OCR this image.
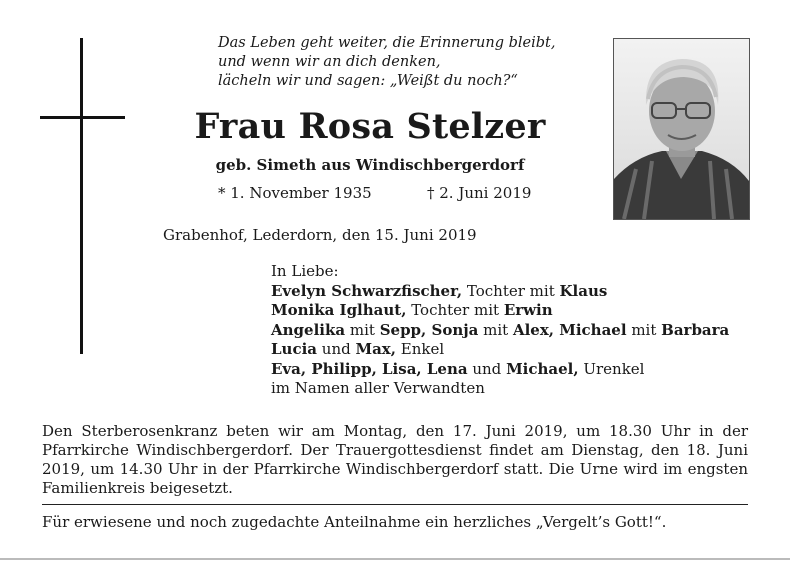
Das Leben geht weiter, die Erinnerung bleibt,
und wenn wir an dich denken,
lächeln wir und sagen: „Weißt du noch?“
Frau Rosa Stelzer
geb. Simeth aus Windischbergerdorf
* 1. November 1935	† 2. Juni 2019
Grabenhof, Lederdorn, den 15. Juni 2019
In Liebe:
Evelyn Schwarzfischer, Tochter mit Klaus
Monika Iglhaut, Tochter mit Erwin
Angelika mit Sepp, Sonja mit Alex, Michael mit Barbara
Lucia und Max, Enkel
Eva, Philipp, Lisa, Lena und Michael, Urenkel
im Namen aller Verwandten
Den Sterberosenkranz beten wir am Montag, den 17. Juni 2019, um 18.30 Uhr in der Pfarrkirche Windischbergerdorf. Der Trauergottesdienst findet am Dienstag, den 18. Juni 2019, um 14.30 Uhr in der Pfarrkirche Windischbergerdorf statt. Die Urne wird im engsten Familienkreis beigesetzt.
Für erwiesene und noch zugedachte Anteilnahme ein herzliches „Vergelt’s Gott!“.
